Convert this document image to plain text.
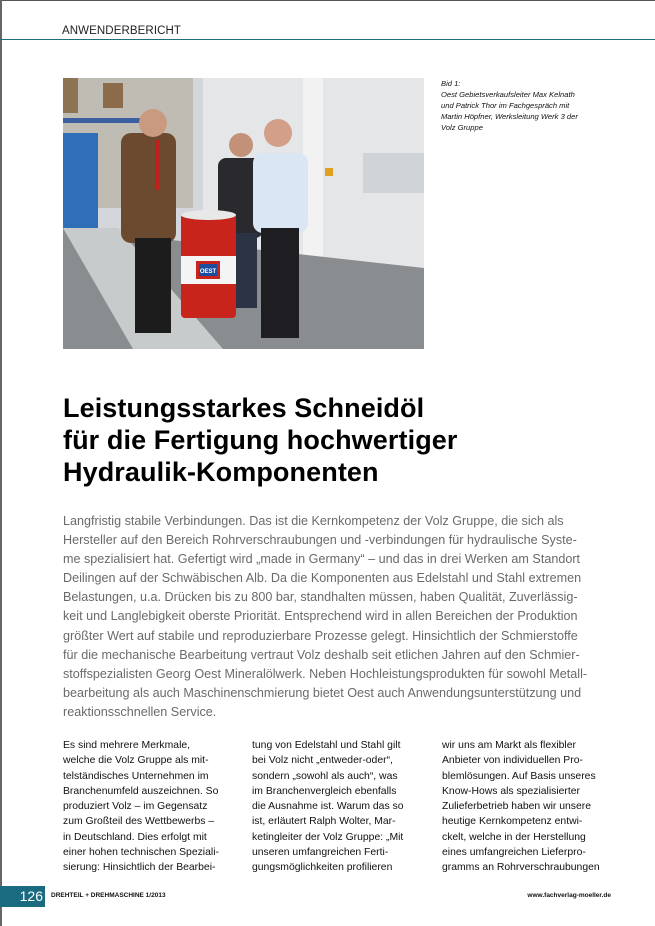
ANWENDERBERICHT
OEST
Bid 1:
Oest Gebietsverkaufsleiter Max Kelnath
und Patrick Thor im Fachgespräch mit
Martin Höpfner, Werksleitung Werk 3 der
Volz Gruppe
Leistungsstarkes Schneidöl
für die Fertigung hochwertiger
Hydraulik-Komponenten

Langfristig stabile Verbindungen. Das ist die Kernkompetenz der Volz Gruppe, die sich als
Hersteller auf den Bereich Rohrverschraubungen und -verbindungen für hydraulische Syste-
me spezialisiert hat. Gefertigt wird „made in Germany“ – und das in drei Werken am Standort
Deilingen auf der Schwäbischen Alb. Da die Komponenten aus Edelstahl und Stahl extremen
Belastungen, u.a. Drücken bis zu 800 bar, standhalten müssen, haben Qualität, Zuverlässig-
keit und Langlebigkeit oberste Priorität. Entsprechend wird in allen Bereichen der Produktion
größter Wert auf stabile und reproduzierbare Prozesse gelegt. Hinsichtlich der Schmierstoffe
für die mechanische Bearbeitung vertraut Volz deshalb seit etlichen Jahren auf den Schmier-
stoffspezialisten Georg Oest Mineralölwerk. Neben Hochleistungsprodukten für sowohl Metall-
bearbeitung als auch Maschinenschmierung bietet Oest auch Anwendungsunterstützung und
reaktionsschnellen Service.

Es sind mehrere Merkmale,
welche die Volz Gruppe als mit-
telständisches Unternehmen im
Branchenumfeld auszeichnen. So
produziert Volz – im Gegensatz
zum Großteil des Wettbewerbs –
in Deutschland. Dies erfolgt mit
einer hohen technischen Speziali-
sierung: Hinsichtlich der Bearbei-

tung von Edelstahl und Stahl gilt
bei Volz nicht „entweder-oder“,
sondern „sowohl als auch“, was
im Branchenvergleich ebenfalls
die Ausnahme ist. Warum das so
ist, erläutert Ralph Wolter, Mar-
ketingleiter der Volz Gruppe: „Mit
unseren umfangreichen Ferti-
gungsmöglichkeiten profilieren

wir uns am Markt als flexibler
Anbieter von individuellen Pro-
blemlösungen. Auf Basis unseres
Know-Hows als spezialisierter
Zulieferbetrieb haben wir unsere
heutige Kernkompetenz entwi-
ckelt, welche in der Herstellung
eines umfangreichen Lieferpro-
gramms an Rohrverschraubungen

126	DREHTEIL + DREHMASCHINE 1/2013	www.fachverlag-moeller.de
